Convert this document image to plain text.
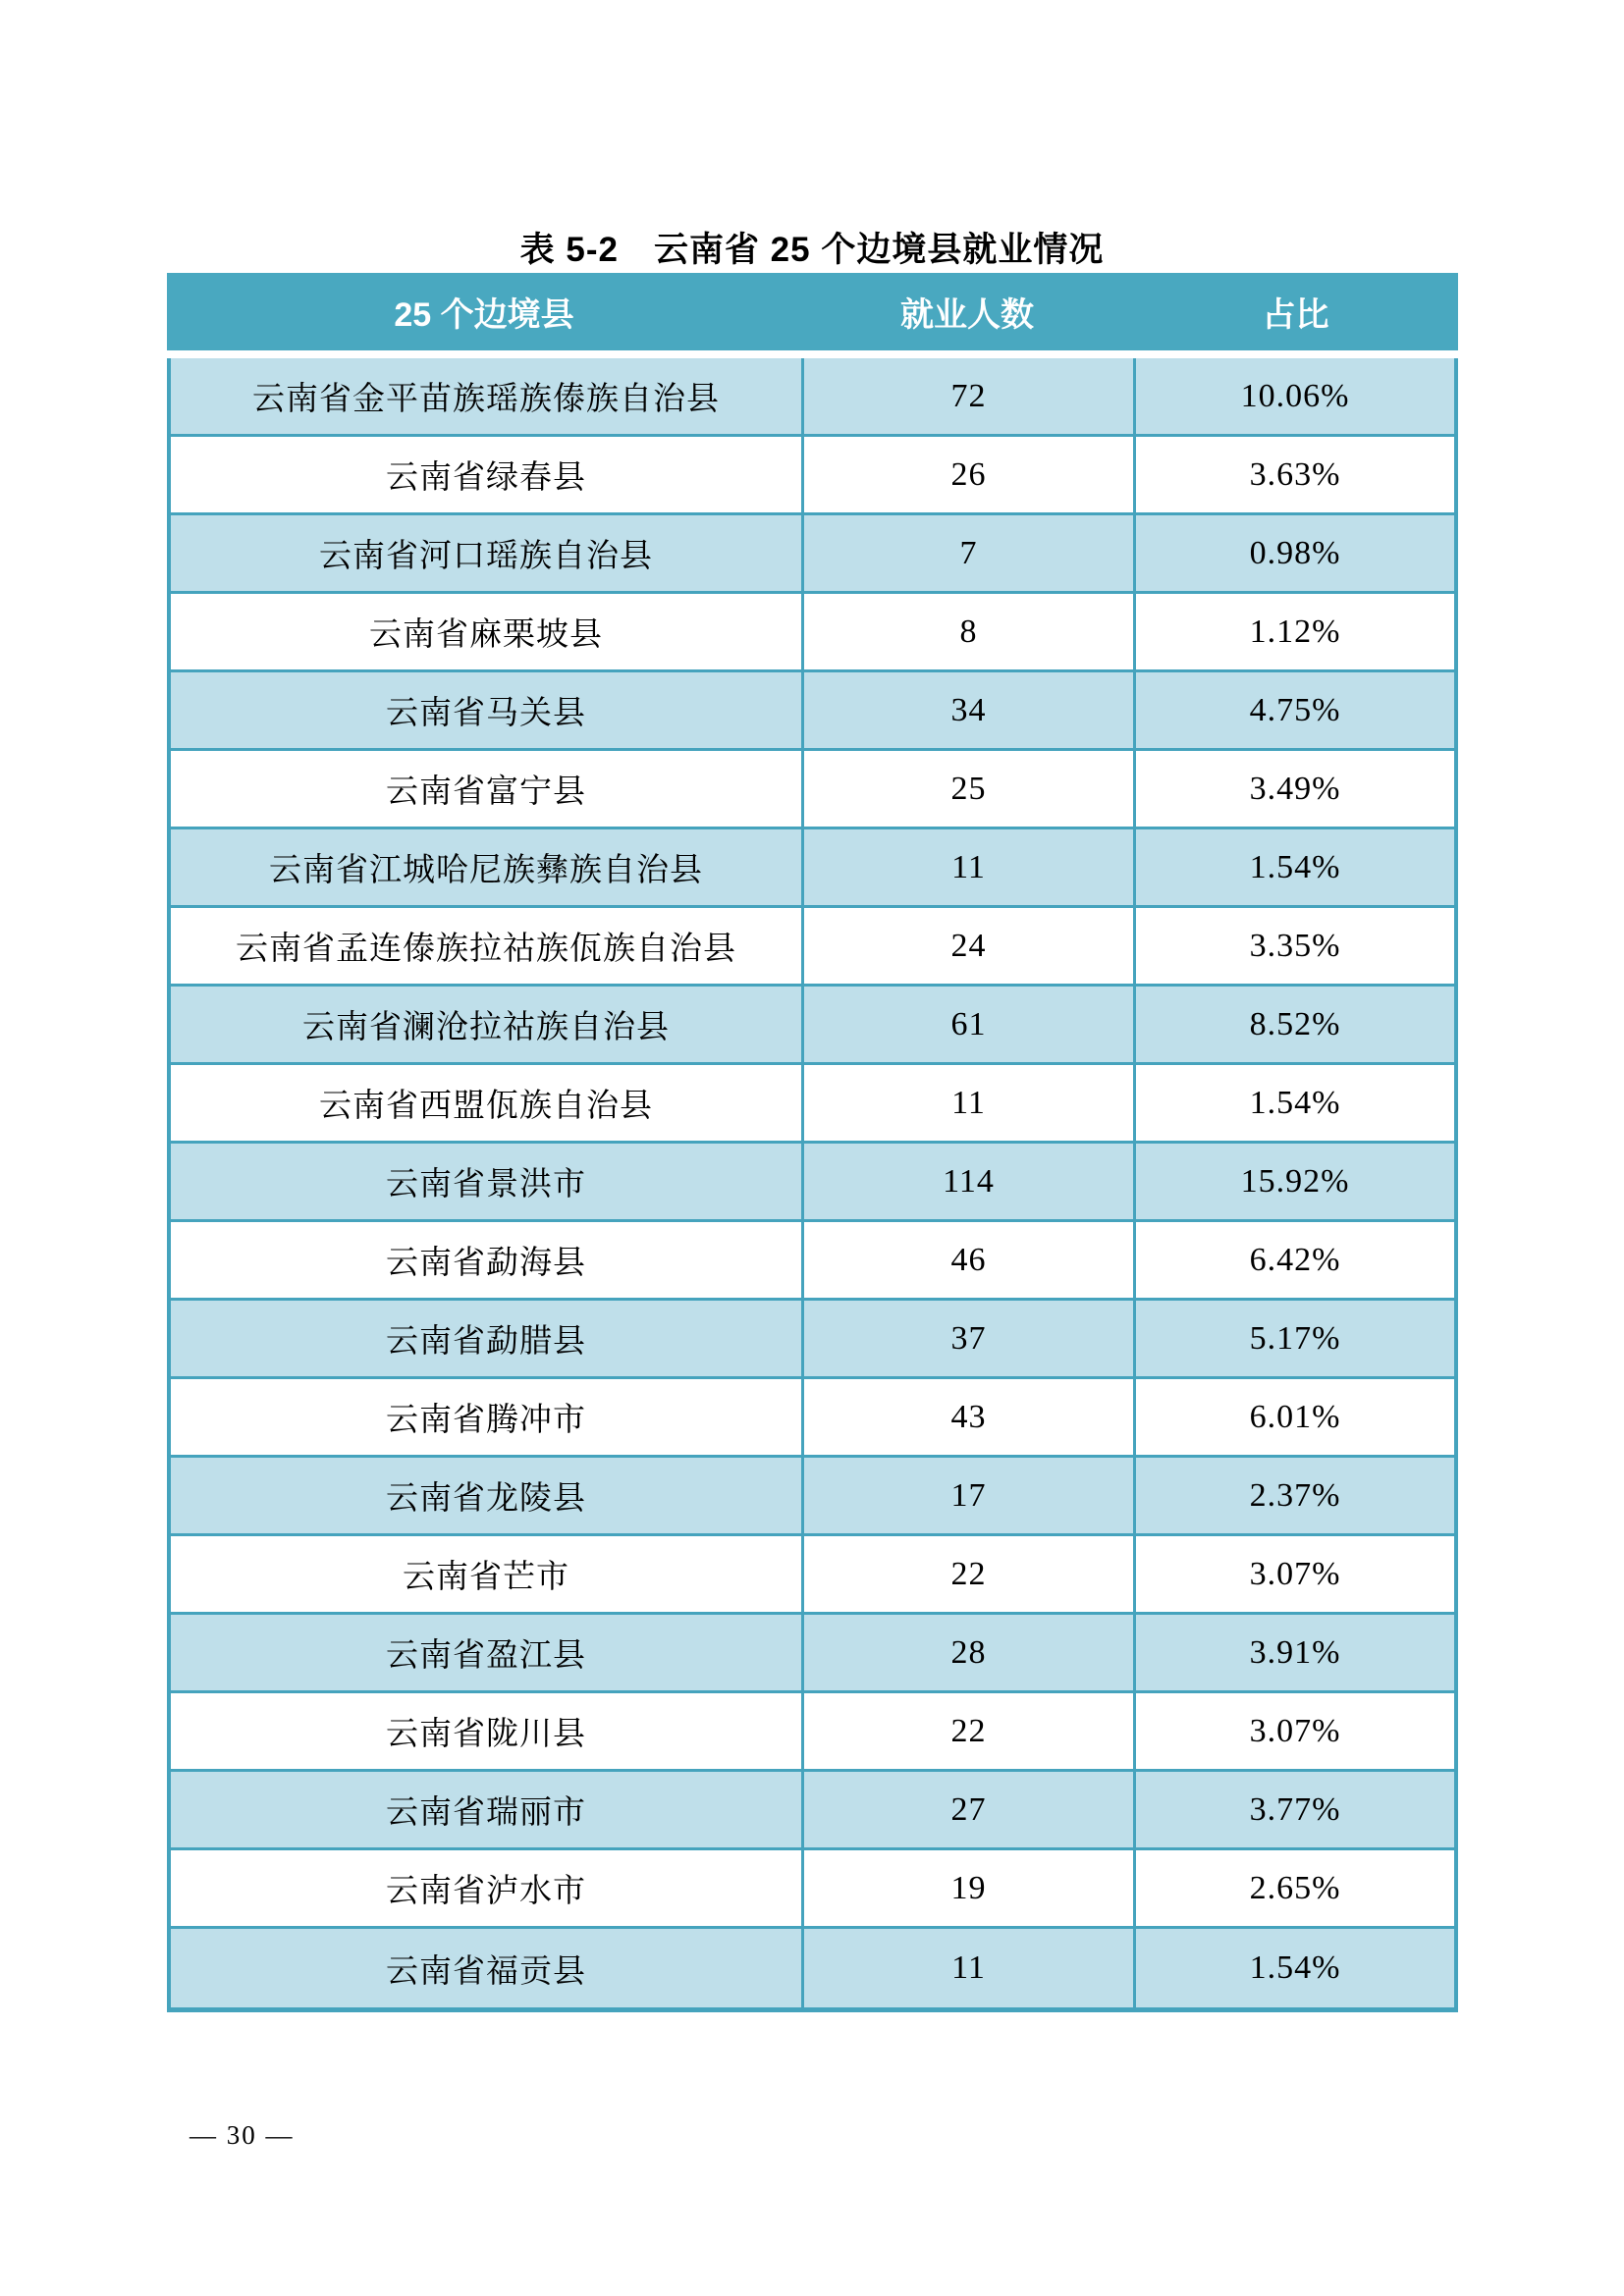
表 5-2　云南省 25 个边境县就业情况
25 个边境县	就业人数	占比
云南省金平苗族瑶族傣族自治县	72	10.06%
云南省绿春县	26	3.63%
云南省河口瑶族自治县	7	0.98%
云南省麻栗坡县	8	1.12%
云南省马关县	34	4.75%
云南省富宁县	25	3.49%
云南省江城哈尼族彝族自治县	11	1.54%
云南省孟连傣族拉祜族佤族自治县	24	3.35%
云南省澜沧拉祜族自治县	61	8.52%
云南省西盟佤族自治县	11	1.54%
云南省景洪市	114	15.92%
云南省勐海县	46	6.42%
云南省勐腊县	37	5.17%
云南省腾冲市	43	6.01%
云南省龙陵县	17	2.37%
云南省芒市	22	3.07%
云南省盈江县	28	3.91%
云南省陇川县	22	3.07%
云南省瑞丽市	27	3.77%
云南省泸水市	19	2.65%
云南省福贡县	11	1.54%
— 30 —
